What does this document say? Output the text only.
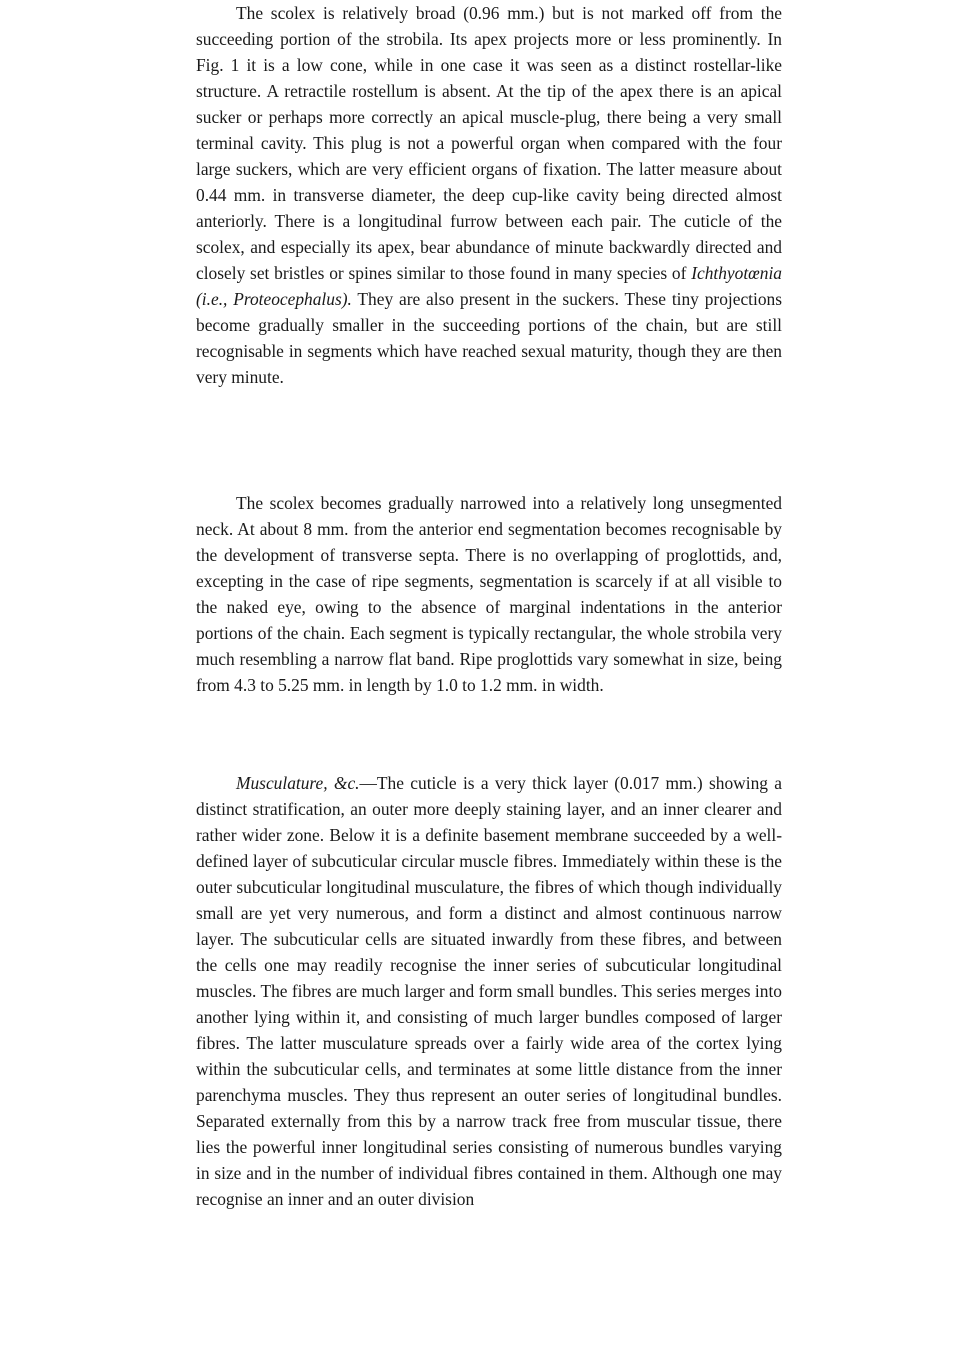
The scolex is relatively broad (0.96 mm.) but is not marked off from the succeeding portion of the strobila. Its apex projects more or less prominently. In Fig. 1 it is a low cone, while in one case it was seen as a distinct rostellar-like structure. A retractile rostellum is absent. At the tip of the apex there is an apical sucker or perhaps more correctly an apical muscle-plug, there being a very small terminal cavity. This plug is not a powerful organ when compared with the four large suckers, which are very efficient organs of fixation. The latter measure about 0.44 mm. in transverse diameter, the deep cup-like cavity being directed almost anteriorly. There is a longitudinal furrow between each pair. The cuticle of the scolex, and especially its apex, bear abundance of minute backwardly directed and closely set bristles or spines similar to those found in many species of Ichthyotœnia (i.e., Proteocephalus). They are also present in the suckers. These tiny projections become gradually smaller in the succeeding portions of the chain, but are still recognisable in segments which have reached sexual maturity, though they are then very minute.

The scolex becomes gradually narrowed into a relatively long unsegmented neck. At about 8 mm. from the anterior end segmentation becomes recognisable by the development of transverse septa. There is no overlapping of proglottids, and, excepting in the case of ripe segments, segmentation is scarcely if at all visible to the naked eye, owing to the absence of marginal indentations in the anterior portions of the chain. Each segment is typically rectangular, the whole strobila very much resembling a narrow flat band. Ripe proglottids vary somewhat in size, being from 4.3 to 5.25 mm. in length by 1.0 to 1.2 mm. in width.

Musculature, &c.—The cuticle is a very thick layer (0.017 mm.) showing a distinct stratification, an outer more deeply staining layer, and an inner clearer and rather wider zone. Below it is a definite basement membrane succeeded by a well-defined layer of subcuticular circular muscle fibres. Immediately within these is the outer subcuticular longitudinal musculature, the fibres of which though individually small are yet very numerous, and form a distinct and almost continuous narrow layer. The subcuticular cells are situated inwardly from these fibres, and between the cells one may readily recognise the inner series of subcuticular longitudinal muscles. The fibres are much larger and form small bundles. This series merges into another lying within it, and consisting of much larger bundles composed of larger fibres. The latter musculature spreads over a fairly wide area of the cortex lying within the subcuticular cells, and terminates at some little distance from the inner parenchyma muscles. They thus represent an outer series of longitudinal bundles. Separated externally from this by a narrow track free from muscular tissue, there lies the powerful inner longitudinal series consisting of numerous bundles varying in size and in the number of individual fibres contained in them. Although one may recognise an inner and an outer division
